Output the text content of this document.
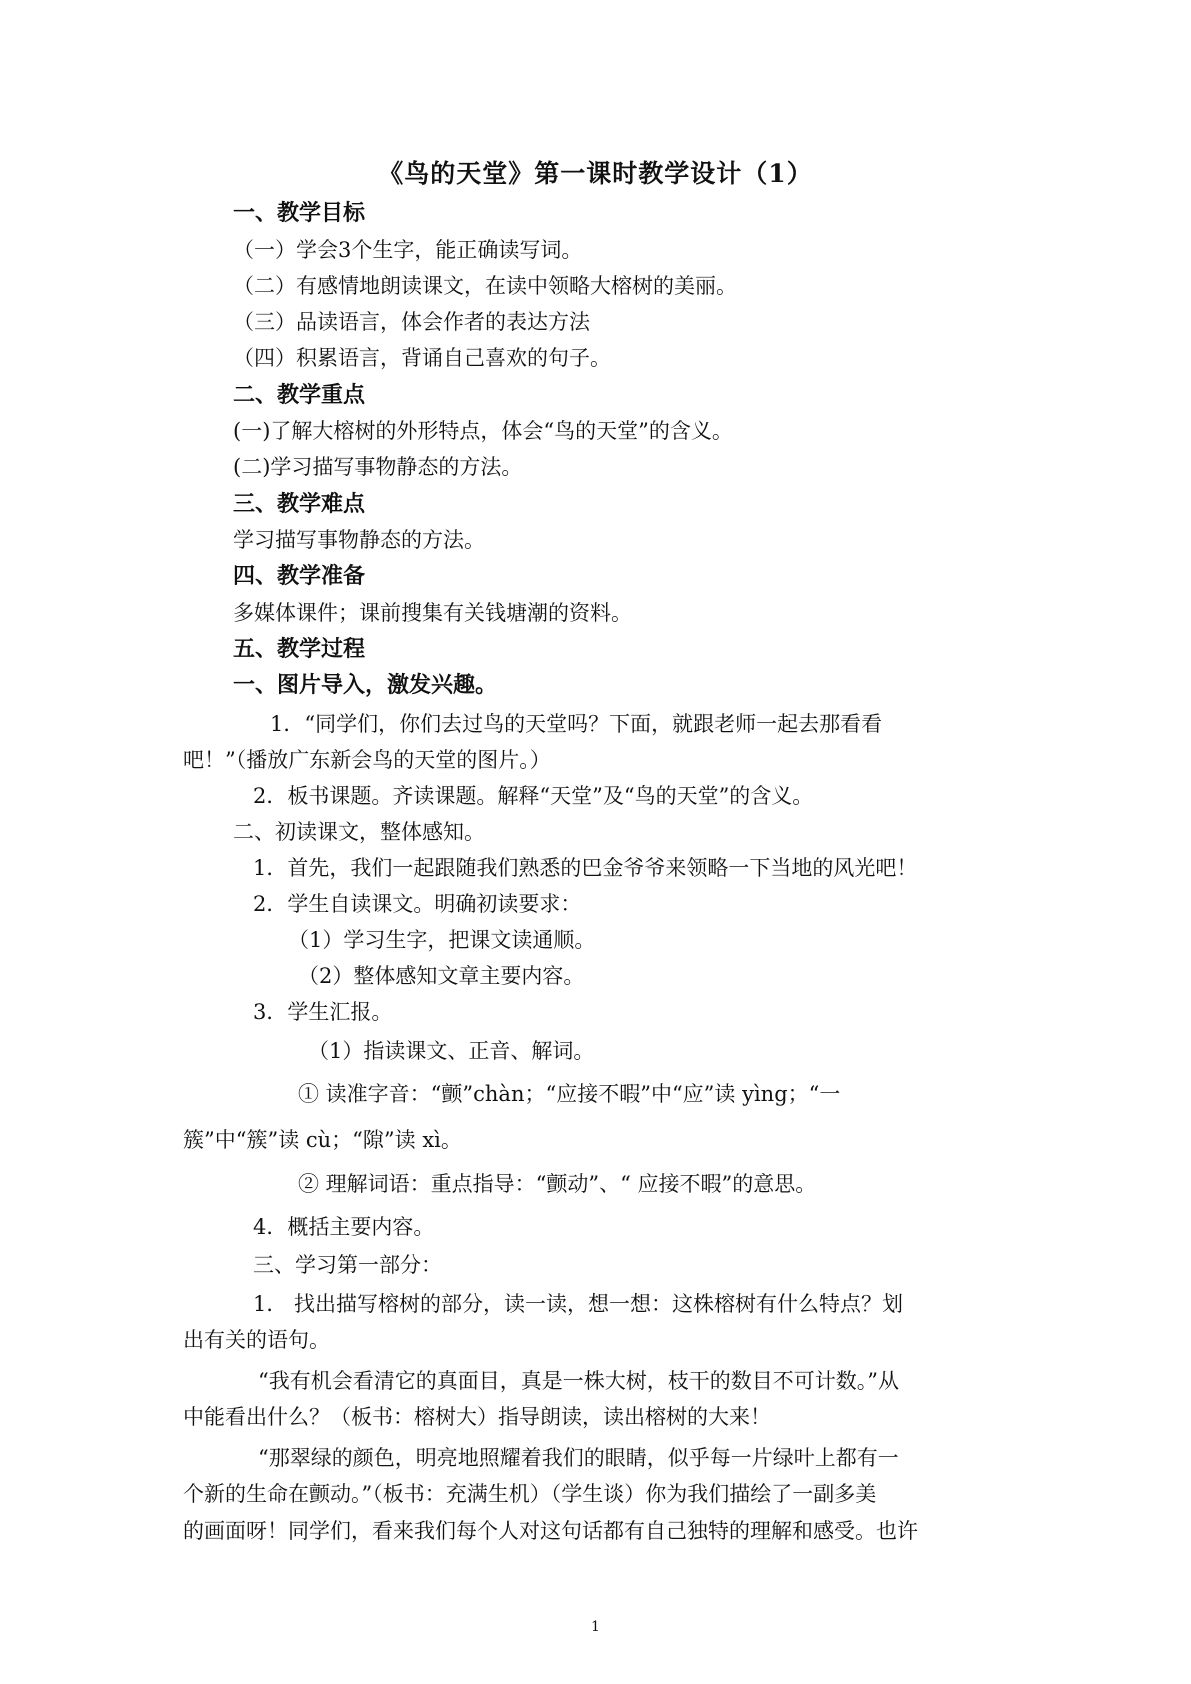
《鸟的天堂》第一课时教学设计（1）
一、教学目标
（一）学会3个生字，能正确读写词。
（二）有感情地朗读课文，在读中领略大榕树的美丽。
（三）品读语言，体会作者的表达方法
（四）积累语言，背诵自己喜欢的句子。
二、教学重点
(一)了解大榕树的外形特点，体会“鸟的天堂”的含义。
(二)学习描写事物静态的方法。
三、教学难点
学习描写事物静态的方法。
四、教学准备
多媒体课件；课前搜集有关钱塘潮的资料。
五、教学过程
一、图片导入，激发兴趣。
1．“同学们，你们去过鸟的天堂吗？下面，就跟老师一起去那看看
吧！”（播放广东新会鸟的天堂的图片。）
2．板书课题。齐读课题。解释“天堂”及“鸟的天堂”的含义。
二、初读课文，整体感知。
1．首先，我们一起跟随我们熟悉的巴金爷爷来领略一下当地的风光吧！
2．学生自读课文。明确初读要求：
（1）学习生字，把课文读通顺。
（2）整体感知文章主要内容。
3．学生汇报。
（1）指读课文、正音、解词。
① 读准字音：“颤”chàn；“应接不暇”中“应”读 yìng；“一
簇”中“簇”读 cù；“隙”读 xì。
② 理解词语：重点指导：“颤动”、“ 应接不暇”的意思。
4．概括主要内容。
三、学习第一部分：
1． 找出描写榕树的部分，读一读，想一想：这株榕树有什么特点？划
出有关的语句。
“我有机会看清它的真面目，真是一株大树，枝干的数目不可计数。”从
中能看出什么？（板书：榕树大）指导朗读，读出榕树的大来！
“那翠绿的颜色，明亮地照耀着我们的眼睛，似乎每一片绿叶上都有一
个新的生命在颤动。”（板书：充满生机）（学生谈）你为我们描绘了一副多美
的画面呀！同学们，看来我们每个人对这句话都有自己独特的理解和感受。也许
1
